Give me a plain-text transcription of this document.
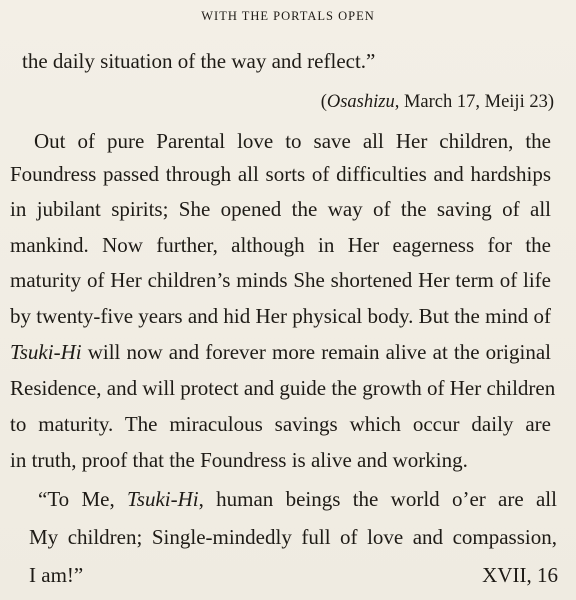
WITH THE PORTALS OPEN
the daily situation of the way and reflect.”
(Osashizu, March 17, Meiji 23)
Out of pure Parental love to save all Her children, the
Foundress passed through all sorts of difficulties and hardships
in jubilant spirits; She opened the way of the saving of all
mankind. Now further, although in Her eagerness for the
maturity of Her children’s minds She shortened Her term of life
by twenty-five years and hid Her physical body. But the mind of
Tsuki-Hi will now and forever more remain alive at the original
Residence, and will protect and guide the growth of Her children
to maturity. The miraculous savings which occur daily are
in truth, proof that the Foundress is alive and working.
“To Me, Tsuki-Hi, human beings the world o’er are all
My children; Single-mindedly full of love and compassion,
I am!”	XVII, 16
